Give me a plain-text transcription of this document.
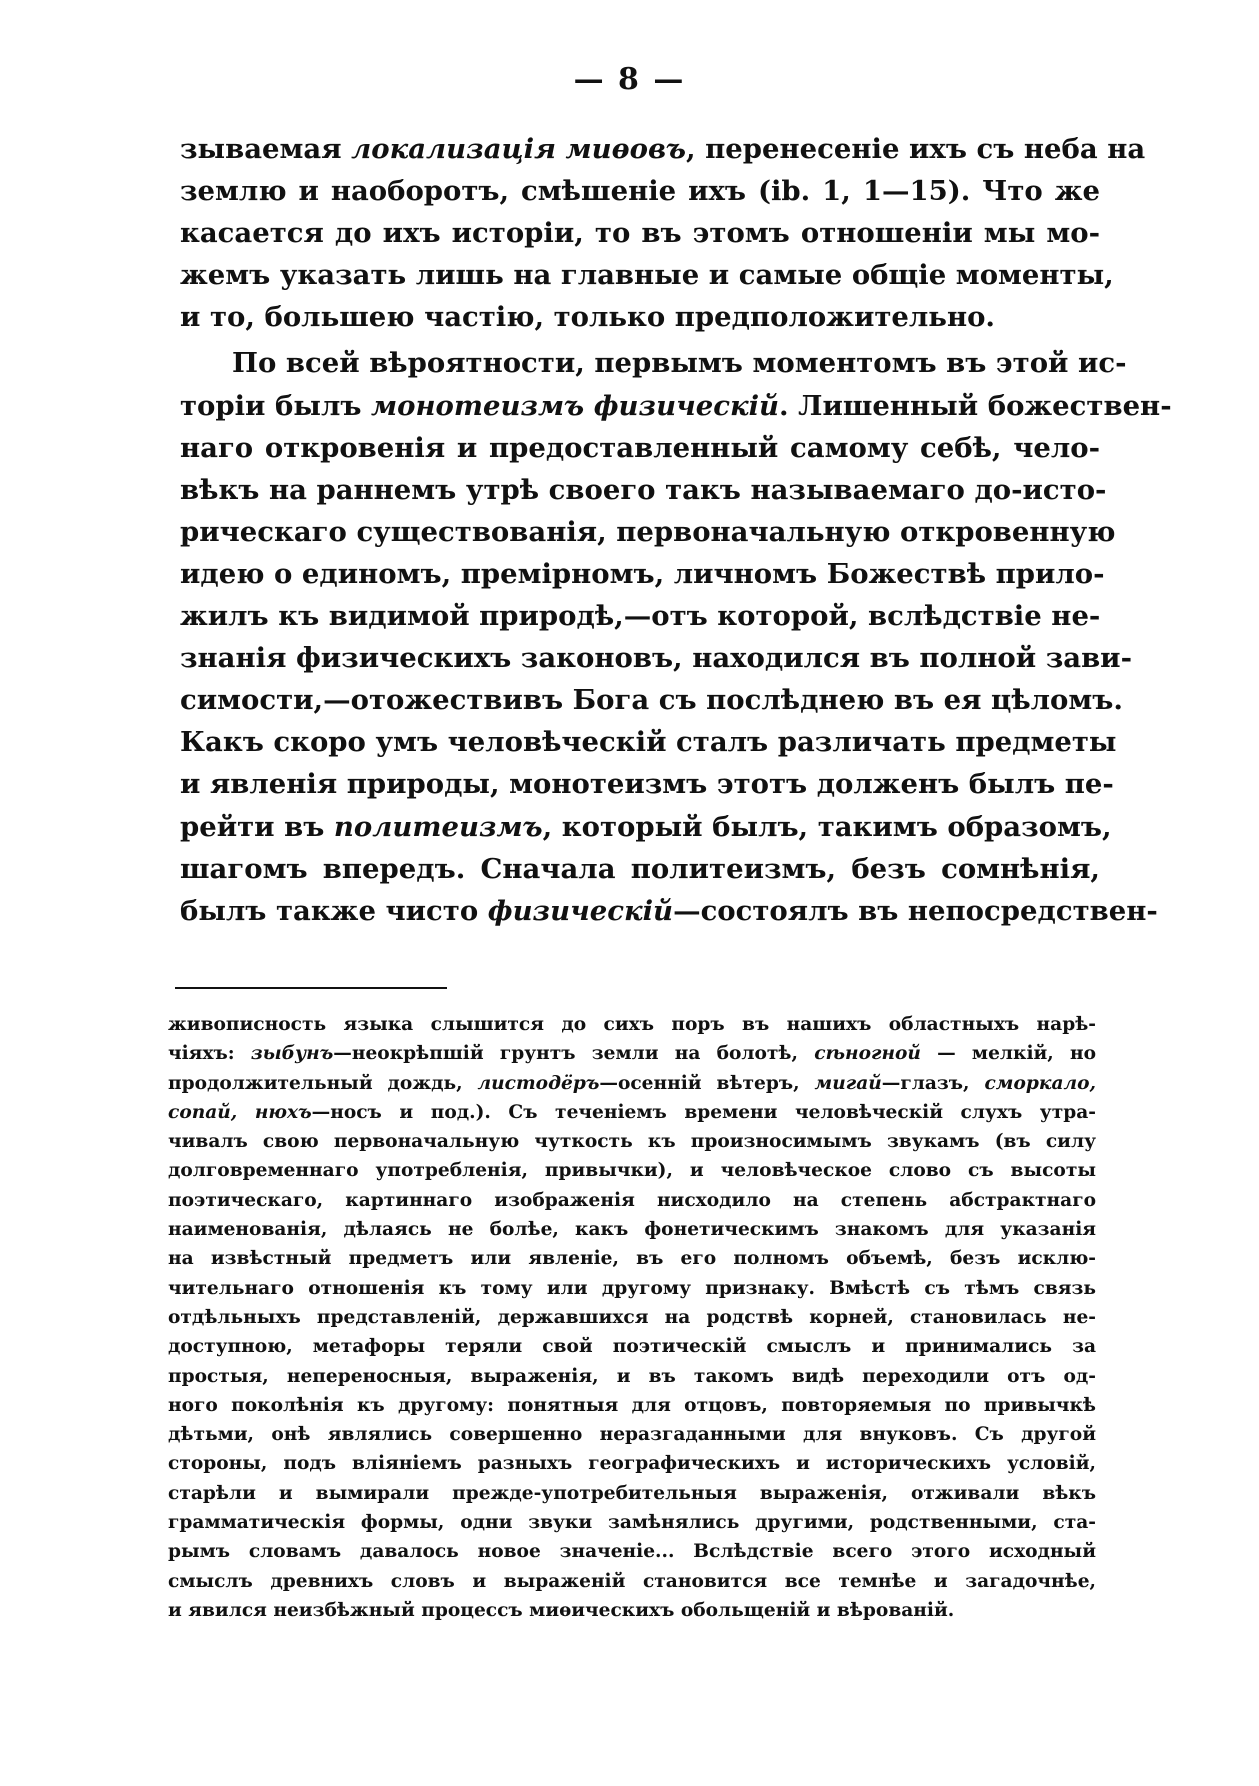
— 8 —
зываемая локализація миѳовъ, перенесеніе ихъ съ неба на
землю и наоборотъ, смѣшеніе ихъ (ib. 1, 1—15). Что же
касается до ихъ исторіи, то въ этомъ отношеніи мы мо-
жемъ указать лишь на главные и самые общіе моменты,
и то, большею частію, только предположительно.
По всей вѣроятности, первымъ моментомъ въ этой ис-
торіи былъ монотеизмъ физическій. Лишенный божествен-
наго откровенія и предоставленный самому себѣ, чело-
вѣкъ на раннемъ утрѣ своего такъ называемаго до-исто-
рическаго существованія, первоначальную откровенную
идею о единомъ, премірномъ, личномъ Божествѣ прило-
жилъ къ видимой природѣ,—отъ которой, вслѣдствіе не-
знанія физическихъ законовъ, находился въ полной зави-
симости,—отожествивъ Бога съ послѣднею въ ея цѣломъ.
Какъ скоро умъ человѣческій сталъ различать предметы
и явленія природы, монотеизмъ этотъ долженъ былъ пе-
рейти въ политеизмъ, который былъ, такимъ образомъ,
шагомъ впередъ. Сначала политеизмъ, безъ сомнѣнія,
былъ также чисто физическій—состоялъ въ непосредствен-
живописность языка слышится до сихъ поръ въ нашихъ областныхъ нарѣ-
чіяхъ: зыбунъ—неокрѣпшій грунтъ земли на болотѣ, сѣногной — мелкій, но
продолжительный дождь, листодёръ—осенній вѣтеръ, мигай—глазъ, сморкало,
сопай, нюхъ—носъ и под.). Съ теченіемъ времени человѣческій слухъ утра-
чивалъ свою первоначальную чуткость къ произносимымъ звукамъ (въ силу
долговременнаго употребленія, привычки), и человѣческое слово съ высоты
поэтическаго, картиннаго изображенія нисходило на степень абстрактнаго
наименованія, дѣлаясь не болѣе, какъ фонетическимъ знакомъ для указанія
на извѣстный предметъ или явленіе, въ его полномъ объемѣ, безъ исклю-
чительнаго отношенія къ тому или другому признаку. Вмѣстѣ съ тѣмъ связь
отдѣльныхъ представленій, державшихся на родствѣ корней, становилась не-
доступною, метафоры теряли свой поэтическій смыслъ и принимались за
простыя, непереносныя, выраженія, и въ такомъ видѣ переходили отъ од-
ного поколѣнія къ другому: понятныя для отцовъ, повторяемыя по привычкѣ
дѣтьми, онѣ являлись совершенно неразгаданными для внуковъ. Съ другой
стороны, подъ вліяніемъ разныхъ географическихъ и историческихъ условій,
старѣли и вымирали прежде-употребительныя выраженія, отживали вѣкъ
грамматическія формы, одни звуки замѣнялись другими, родственными, ста-
рымъ словамъ давалось новое значеніе... Вслѣдствіе всего этого исходный
смыслъ древнихъ словъ и выраженій становится все темнѣе и загадочнѣе,
и явился неизбѣжный процессъ миѳическихъ обольщеній и вѣрованій.
